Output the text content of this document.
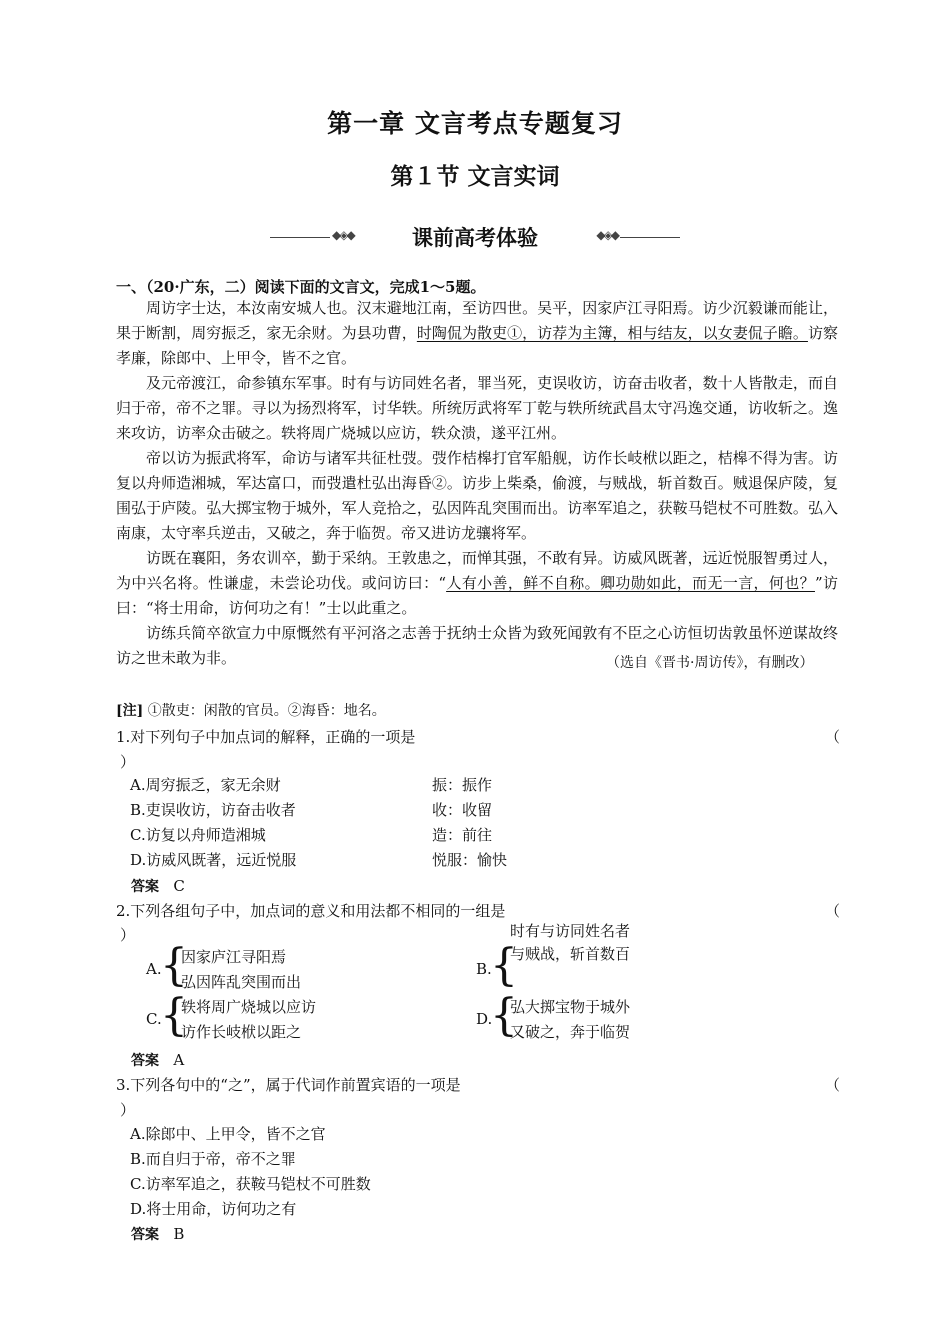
第一章 文言考点专题复习
第１节 文言实词
◆◈◆	◆◈◆
课前高考体验
一、（20·广东，二）阅读下面的文言文，完成1～5题。

周访字士达，本汝南安城人也。汉末避地江南，至访四世。吴平，因家庐江寻阳焉。访少沉毅谦而能让，果于断割，周穷振乏，家无余财。为县功曹，时陶侃为散吏①，访荐为主簿，相与结友，以女妻侃子瞻。访察孝廉，除郎中、上甲令，皆不之官。

及元帝渡江，命参镇东军事。时有与访同姓名者，罪当死，吏误收访，访奋击收者，数十人皆散走，而自归于帝，帝不之罪。寻以为扬烈将军，讨华轶。所统厉武将军丁乾与轶所统武昌太守冯逸交通，访收斩之。逸来攻访，访率众击破之。轶将周广烧城以应访，轶众溃，遂平江州。

帝以访为振武将军，命访与诸军共征杜弢。弢作桔槔打官军船舰，访作长岐栿以距之，桔槔不得为害。访复以舟师造湘城，军达富口，而弢遣杜弘出海昏②。访步上柴桑，偷渡，与贼战，斩首数百。贼退保庐陵，复围弘于庐陵。弘大掷宝物于城外，军人竞拾之，弘因阵乱突围而出。访率军追之，获鞍马铠杖不可胜数。弘入南康，太守率兵逆击，又破之，奔于临贺。帝又进访龙骧将军。

访既在襄阳，务农训卒，勤于采纳。王敦患之，而惮其强，不敢有异。访威风既著，远近悦服智勇过人，为中兴名将。性谦虚，未尝论功伐。或问访曰：“人有小善，鲜不自称。卿功勋如此，而无一言，何也？”访曰：“将士用命，访何功之有！”士以此重之。

访练兵简卒欲宣力中原慨然有平河洛之志善于抚纳士众皆为致死闻敦有不臣之心访恒切齿敦虽怀逆谋故终访之世未敢为非。	（选自《晋书·周访传》，有删改）
[注] ①散吏：闲散的官员。②海昏：地名。
1.对下列句子中加点词的解释，正确的一项是	（
）
A.周穷振乏，家无余财	振：振作
B.吏误收访，访奋击收者	收：收留
C.访复以舟师造湘城	造：前往
D.访威风既著，远近悦服	悦服：愉快
答案 C
2.下列各组句子中，加点词的意义和用法都不相同的一组是	（
）
A.
{
因家庐江寻阳焉
弘因阵乱突围而出
B.
{
时有与访同姓名者
与贼战，斩首数百
C.
{
轶将周广烧城以应访
访作长岐栿以距之
D.
{
弘大掷宝物于城外
又破之，奔于临贺
答案 A
3.下列各句中的“之”，属于代词作前置宾语的一项是	（
）
A.除郎中、上甲令，皆不之官
B.而自归于帝，帝不之罪
C.访率军追之，获鞍马铠杖不可胜数
D.将士用命，访何功之有
答案 B
